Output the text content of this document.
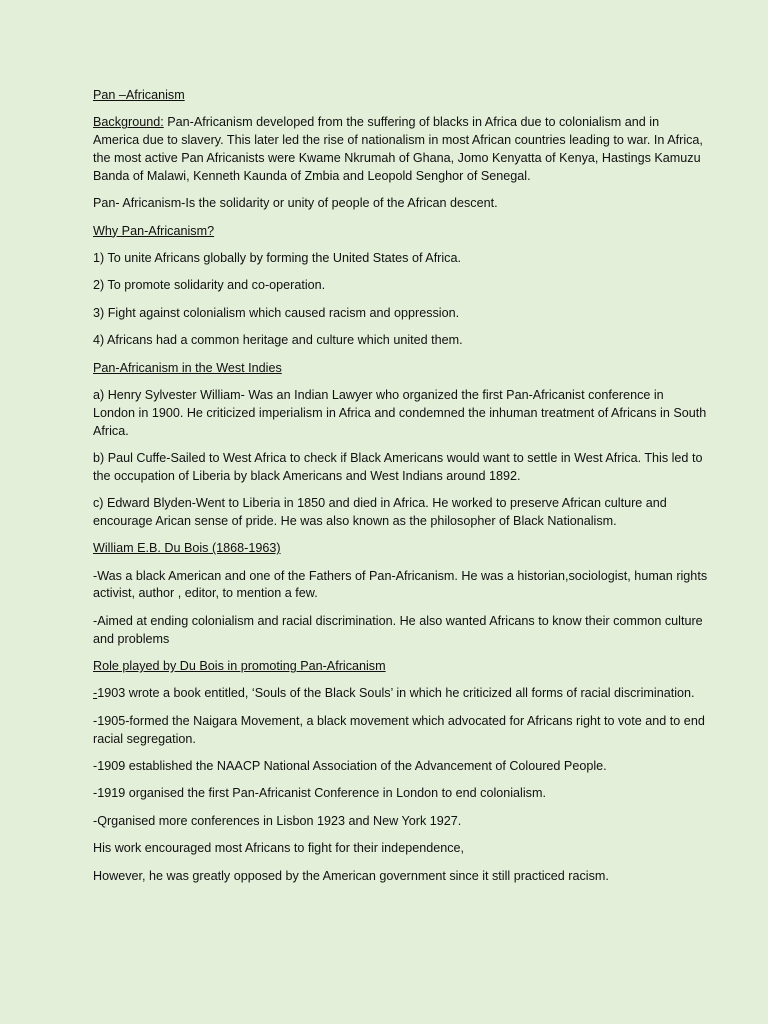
Pan –Africanism

Background: Pan-Africanism developed from the suffering of blacks in Africa due to colonialism and in America due to slavery. This later led the rise of nationalism in most African countries leading to war. In Africa, the most active Pan Africanists were Kwame Nkrumah of Ghana, Jomo Kenyatta of Kenya, Hastings Kamuzu Banda of Malawi, Kenneth Kaunda of Zmbia and Leopold Senghor of Senegal.

Pan- Africanism-Is the solidarity or unity of people of the African descent.

Why Pan-Africanism?

1) To unite Africans globally by forming the United States of Africa.

2) To promote solidarity and co-operation.

3) Fight against colonialism which caused racism and oppression.

4) Africans had a common heritage and culture which united them.

Pan-Africanism in the West Indies

a) Henry Sylvester William- Was an Indian Lawyer who organized the first Pan-Africanist conference in London in 1900. He criticized imperialism in Africa and condemned the inhuman treatment of Africans in South Africa.

b) Paul Cuffe-Sailed to West Africa to check if Black Americans would want to settle in West Africa. This led to the occupation of Liberia by black Americans and West Indians around 1892.

c) Edward Blyden-Went to Liberia in 1850 and died in Africa. He worked to preserve African culture and encourage Arican sense of pride. He was also known as the philosopher of Black Nationalism.

William E.B. Du Bois (1868-1963)

-Was a black American and one of the Fathers of Pan-Africanism. He was a historian,sociologist, human rights activist, author , editor, to mention a few.

-Aimed at ending colonialism and racial discrimination. He also wanted Africans to know their common culture and problems

Role played by Du Bois in promoting Pan-Africanism

-1903 wrote a book entitled, ‘Souls of the Black Souls’ in which he criticized all forms of racial discrimination.

-1905-formed the Naigara Movement, a black movement which advocated for Africans right to vote and to end racial segregation.

-1909 established the NAACP National Association of the Advancement of Coloured People.

-1919 organised the first Pan-Africanist Conference in London to end colonialism.

-Qrganised more conferences in Lisbon 1923 and New York 1927.

His work encouraged most Africans to fight for their independence,

However, he was greatly opposed by the American government since it still practiced racism.
